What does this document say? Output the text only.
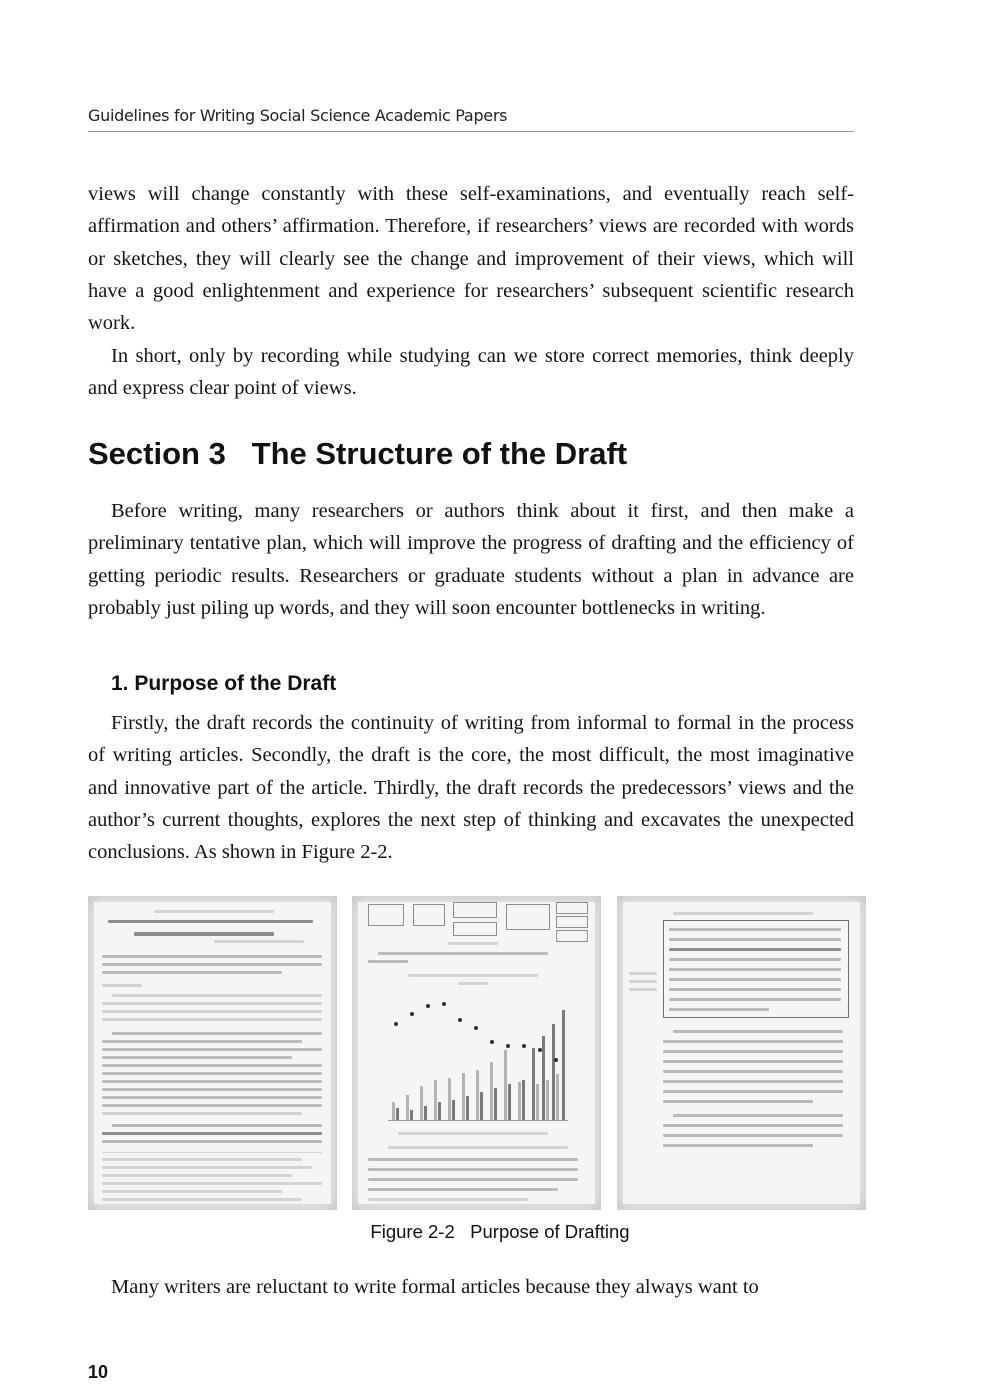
Guidelines for Writing Social Science Academic Papers

views will change constantly with these self-examinations, and eventually reach self-affirmation and others’ affirmation. Therefore, if researchers’ views are recorded with words or sketches, they will clearly see the change and improvement of their views, which will have a good enlightenment and experience for researchers’ subsequent scientific research work.

In short, only by recording while studying can we store correct memories, think deeply and express clear point of views.

Section 3   The Structure of the Draft

Before writing, many researchers or authors think about it first, and then make a preliminary tentative plan, which will improve the progress of drafting and the efficiency of getting periodic results. Researchers or graduate students without a plan in advance are probably just piling up words, and they will soon encounter bottlenecks in writing.

1. Purpose of the Draft

Firstly, the draft records the continuity of writing from informal to formal in the process of writing articles. Secondly, the draft is the core, the most difficult, the most imaginative and innovative part of the article. Thirdly, the draft records the predecessors’ views and the author’s current thoughts, explores the next step of thinking and excavates the unexpected conclusions. As shown in Figure 2-2.

Figure 2-2   Purpose of Drafting

Many writers are reluctant to write formal articles because they always want to

10
